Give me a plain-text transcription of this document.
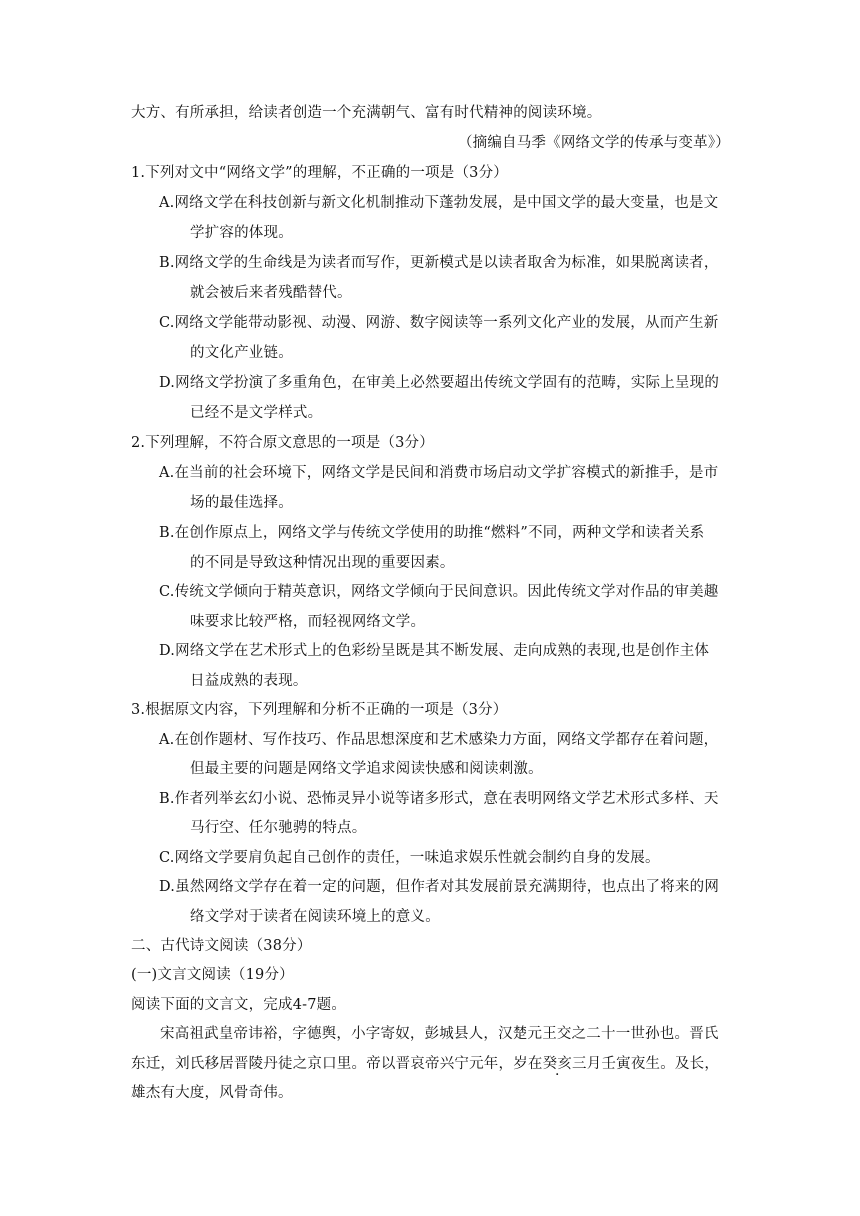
大方、有所承担，给读者创造一个充满朝气、富有时代精神的阅读环境。
（摘编自马季《网络文学的传承与变革》）
1.下列对文中“网络文学”的理解，不正确的一项是（3分）
A.网络文学在科技创新与新文化机制推动下蓬勃发展，是中国文学的最大变量，也是文
学扩容的体现。
B.网络文学的生命线是为读者而写作，更新模式是以读者取舍为标准，如果脱离读者，
就会被后来者残酷替代。
C.网络文学能带动影视、动漫、网游、数字阅读等一系列文化产业的发展，从而产生新
的文化产业链。
D.网络文学扮演了多重角色，在审美上必然要超出传统文学固有的范畴，实际上呈现的
已经不是文学样式。
2.下列理解，不符合原文意思的一项是（3分）
A.在当前的社会环境下，网络文学是民间和消费市场启动文学扩容模式的新推手，是市
场的最佳选择。
B.在创作原点上，网络文学与传统文学使用的助推“燃料”不同，两种文学和读者关系
的不同是导致这种情况出现的重要因素。
C.传统文学倾向于精英意识，网络文学倾向于民间意识。因此传统文学对作品的审美趣
味要求比较严格，而轻视网络文学。
D.网络文学在艺术形式上的色彩纷呈既是其不断发展、走向成熟的表现,也是创作主体
日益成熟的表现。
3.根据原文内容，下列理解和分析不正确的一项是（3分）
A.在创作题材、写作技巧、作品思想深度和艺术感染力方面，网络文学都存在着问题，
但最主要的问题是网络文学追求阅读快感和阅读刺激。
B.作者列举玄幻小说、恐怖灵异小说等诸多形式，意在表明网络文学艺术形式多样、天
马行空、任尔驰骋的特点。
C.网络文学要肩负起自己创作的责任，一味追求娱乐性就会制约自身的发展。
D.虽然网络文学存在着一定的问题，但作者对其发展前景充满期待，也点出了将来的网
络文学对于读者在阅读环境上的意义。
二、古代诗文阅读（38分）
(一)文言文阅读（19分）
阅读下面的文言文，完成4-7题。
宋高祖武皇帝讳裕，字德舆，小字寄奴，彭城县人，汉楚元王交之二十一世孙也。晋氏
东迁，刘氏移居晋陵丹徒之京口里。帝以晋哀帝兴宁元年，岁在癸亥三月壬寅夜生。及长，
雄杰有大度，风骨奇伟。
